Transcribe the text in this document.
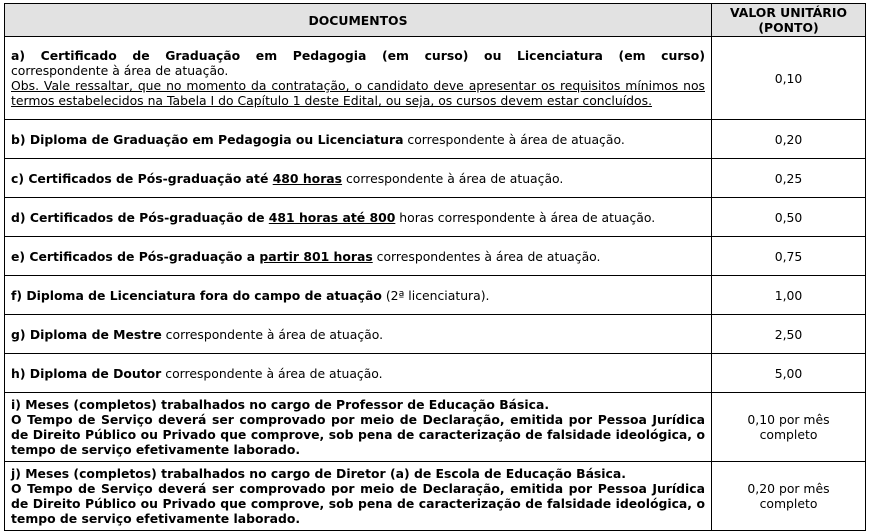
DOCUMENTOS	VALOR UNITÁRIO
(PONTO)

a) Certificado de Graduação em Pedagogia (em curso) ou Licenciatura (em curso)
correspondente à área de atuação.
Obs. Vale ressaltar, que no momento da contratação, o candidato deve apresentar os requisitos mínimos nos termos estabelecidos na Tabela I do Capítulo 1 deste Edital, ou seja, os cursos devem estar concluídos.	0,10
b) Diploma de Graduação em Pedagogia ou Licenciatura correspondente à área de atuação.	0,20
c) Certificados de Pós-graduação até 480 horas correspondente à área de atuação.	0,25
d) Certificados de Pós-graduação de 481 horas até 800 horas correspondente à área de atuação.	0,50
e) Certificados de Pós-graduação a partir 801 horas correspondentes à área de atuação.	0,75
f) Diploma de Licenciatura fora do campo de atuação (2ª licenciatura).	1,00
g) Diploma de Mestre correspondente à área de atuação.	2,50
h) Diploma de Doutor correspondente à área de atuação.	5,00

i) Meses (completos) trabalhados no cargo de Professor de Educação Básica.
O Tempo de Serviço deverá ser comprovado por meio de Declaração, emitida por Pessoa Jurídica de Direito Público ou Privado que comprove, sob pena de caracterização de falsidade ideológica, o tempo de serviço efetivamente laborado.	0,10 por mês
completo

j) Meses (completos) trabalhados no cargo de Diretor (a) de Escola de Educação Básica.
O Tempo de Serviço deverá ser comprovado por meio de Declaração, emitida por Pessoa Jurídica de Direito Público ou Privado que comprove, sob pena de caracterização de falsidade ideológica, o tempo de serviço efetivamente laborado.	0,20 por mês
completo
